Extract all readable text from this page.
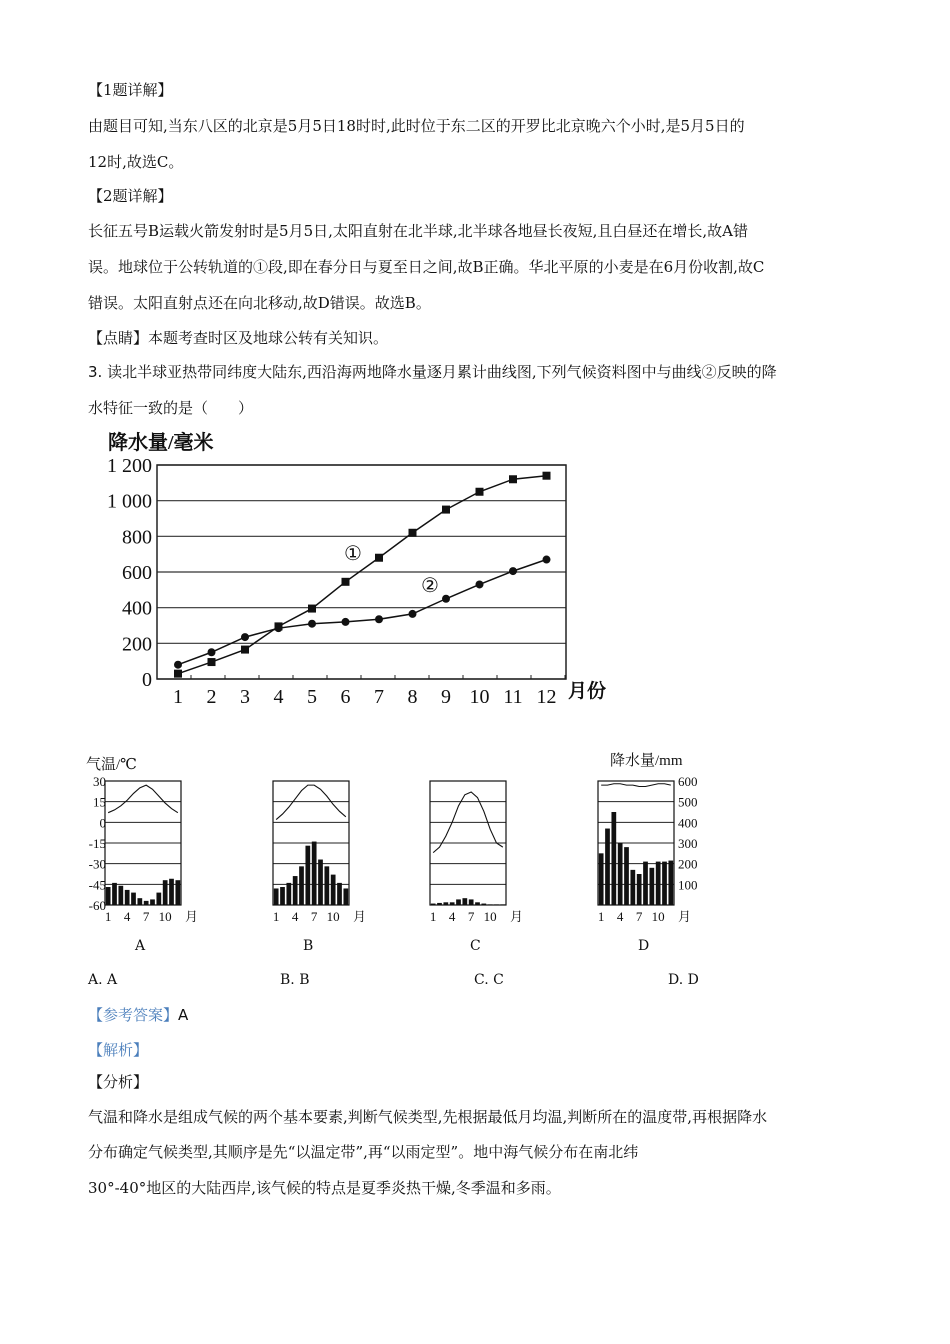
【1题详解】
由题目可知,当东八区的北京是5月5日18时时,此时位于东二区的开罗比北京晚六个小时,是5月5日的
12时,故选C。
【2题详解】
长征五号B运载火箭发射时是5月5日,太阳直射在北半球,北半球各地昼长夜短,且白昼还在增长,故A错
误。地球位于公转轨道的①段,即在春分日与夏至日之间,故B正确。华北平原的小麦是在6月份收割,故C
错误。太阳直射点还在向北移动,故D错误。故选B。
【点睛】本题考查时区及地球公转有关知识。
3. 读北半球亚热带同纬度大陆东,西沿海两地降水量逐月累计曲线图,下列气候资料图中与曲线②反映的降
水特征一致的是（　　）
降水量/毫米
0
200
400
600
800
1 000
1 200
1 2 3 4 5 6 7 8 9 10 11 12 月份
①
②
气温/℃	降水量/mm
30
15
0
-15
-30
-45
-60
600
500
400
300
200
100
1 4 7 10 月	1 4 7 10 月	1 4 7 10 月	1 4 7 10 月
A	B	C	D
A. A	B. B	C. C	D. D
【参考答案】A
【解析】
【分析】
气温和降水是组成气候的两个基本要素,判断气候类型,先根据最低月均温,判断所在的温度带,再根据降水
分布确定气候类型,其顺序是先“以温定带”,再“以雨定型”。地中海气候分布在南北纬
30°-40°地区的大陆西岸,该气候的特点是夏季炎热干燥,冬季温和多雨。
